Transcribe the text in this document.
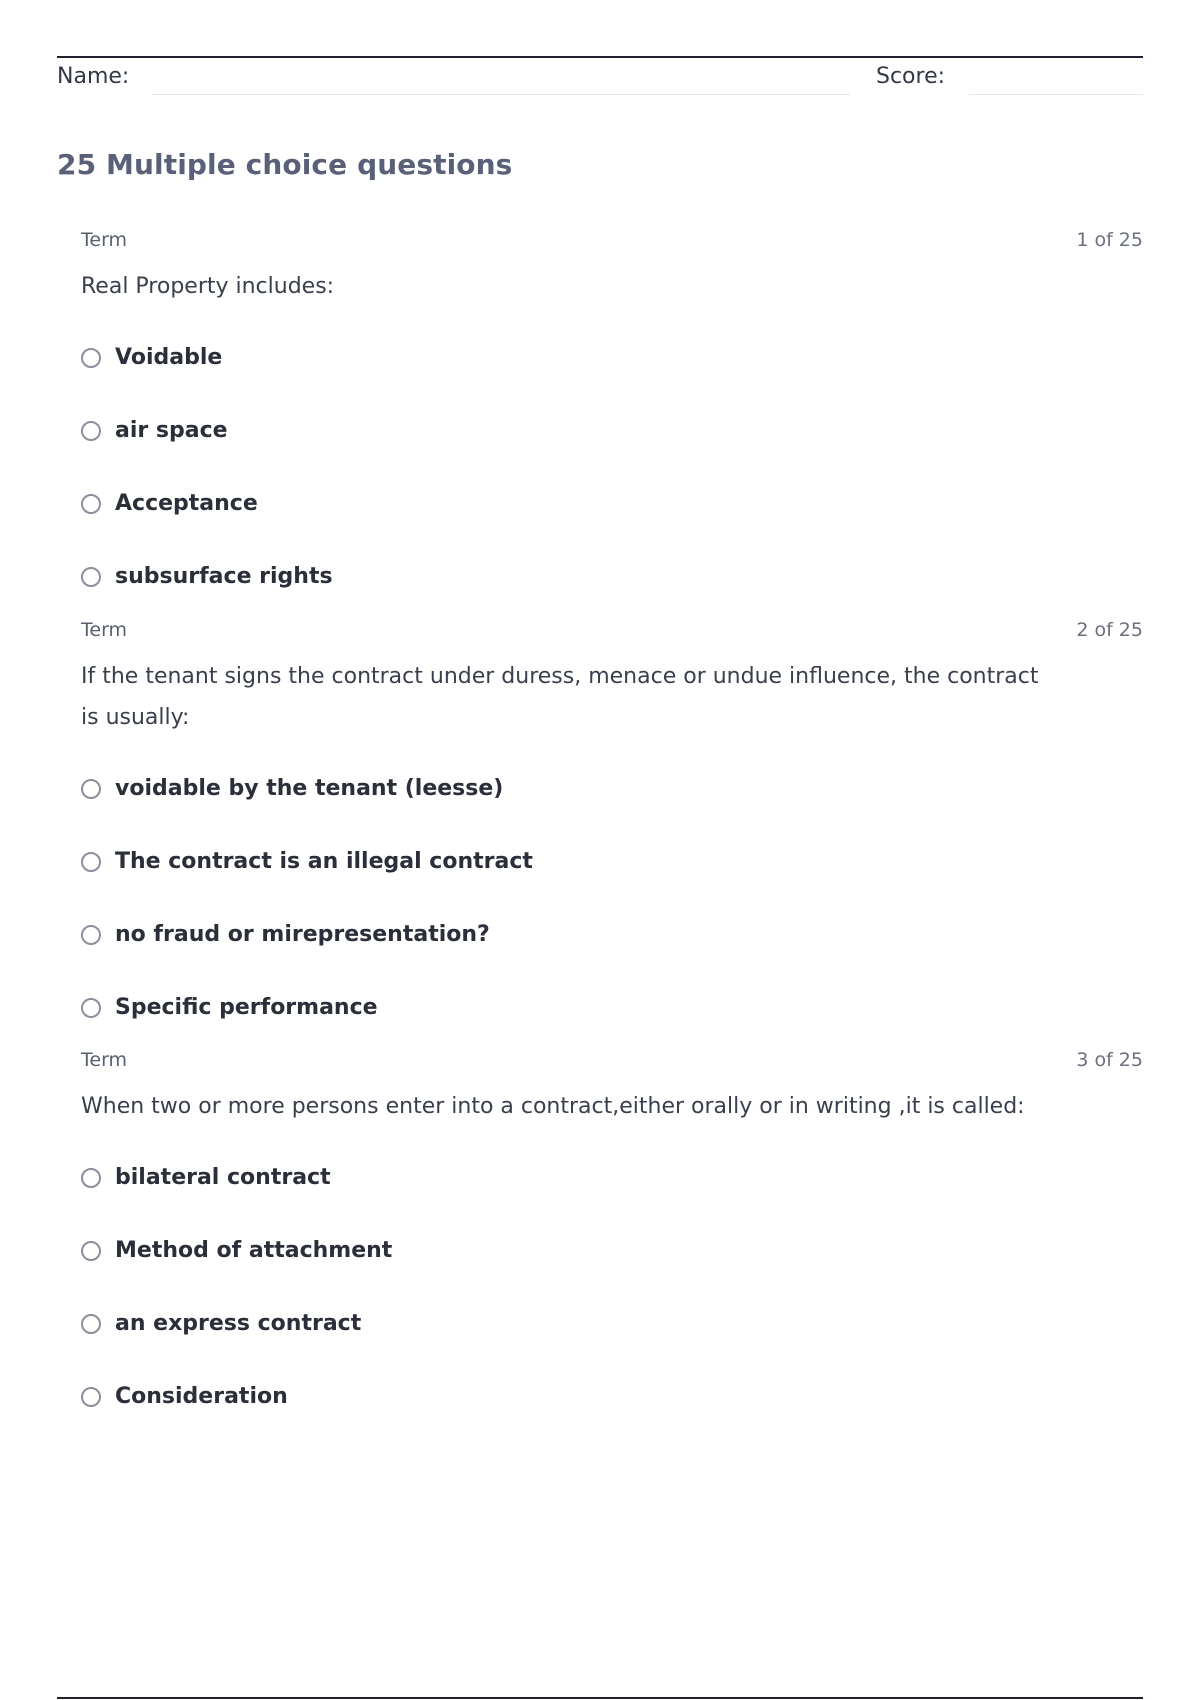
Name:	Score:
25 Multiple choice questions
Term	1 of 25
Real Property includes:
Voidable
air space
Acceptance
subsurface rights
Term	2 of 25
If the tenant signs the contract under duress, menace or undue influence, the contract is usually:
voidable by the tenant (leesse)
The contract is an illegal contract
no fraud or mirepresentation?
Specific performance
Term	3 of 25
When two or more persons enter into a contract,either orally or in writing ,it is called:
bilateral contract
Method of attachment
an express contract
Consideration
